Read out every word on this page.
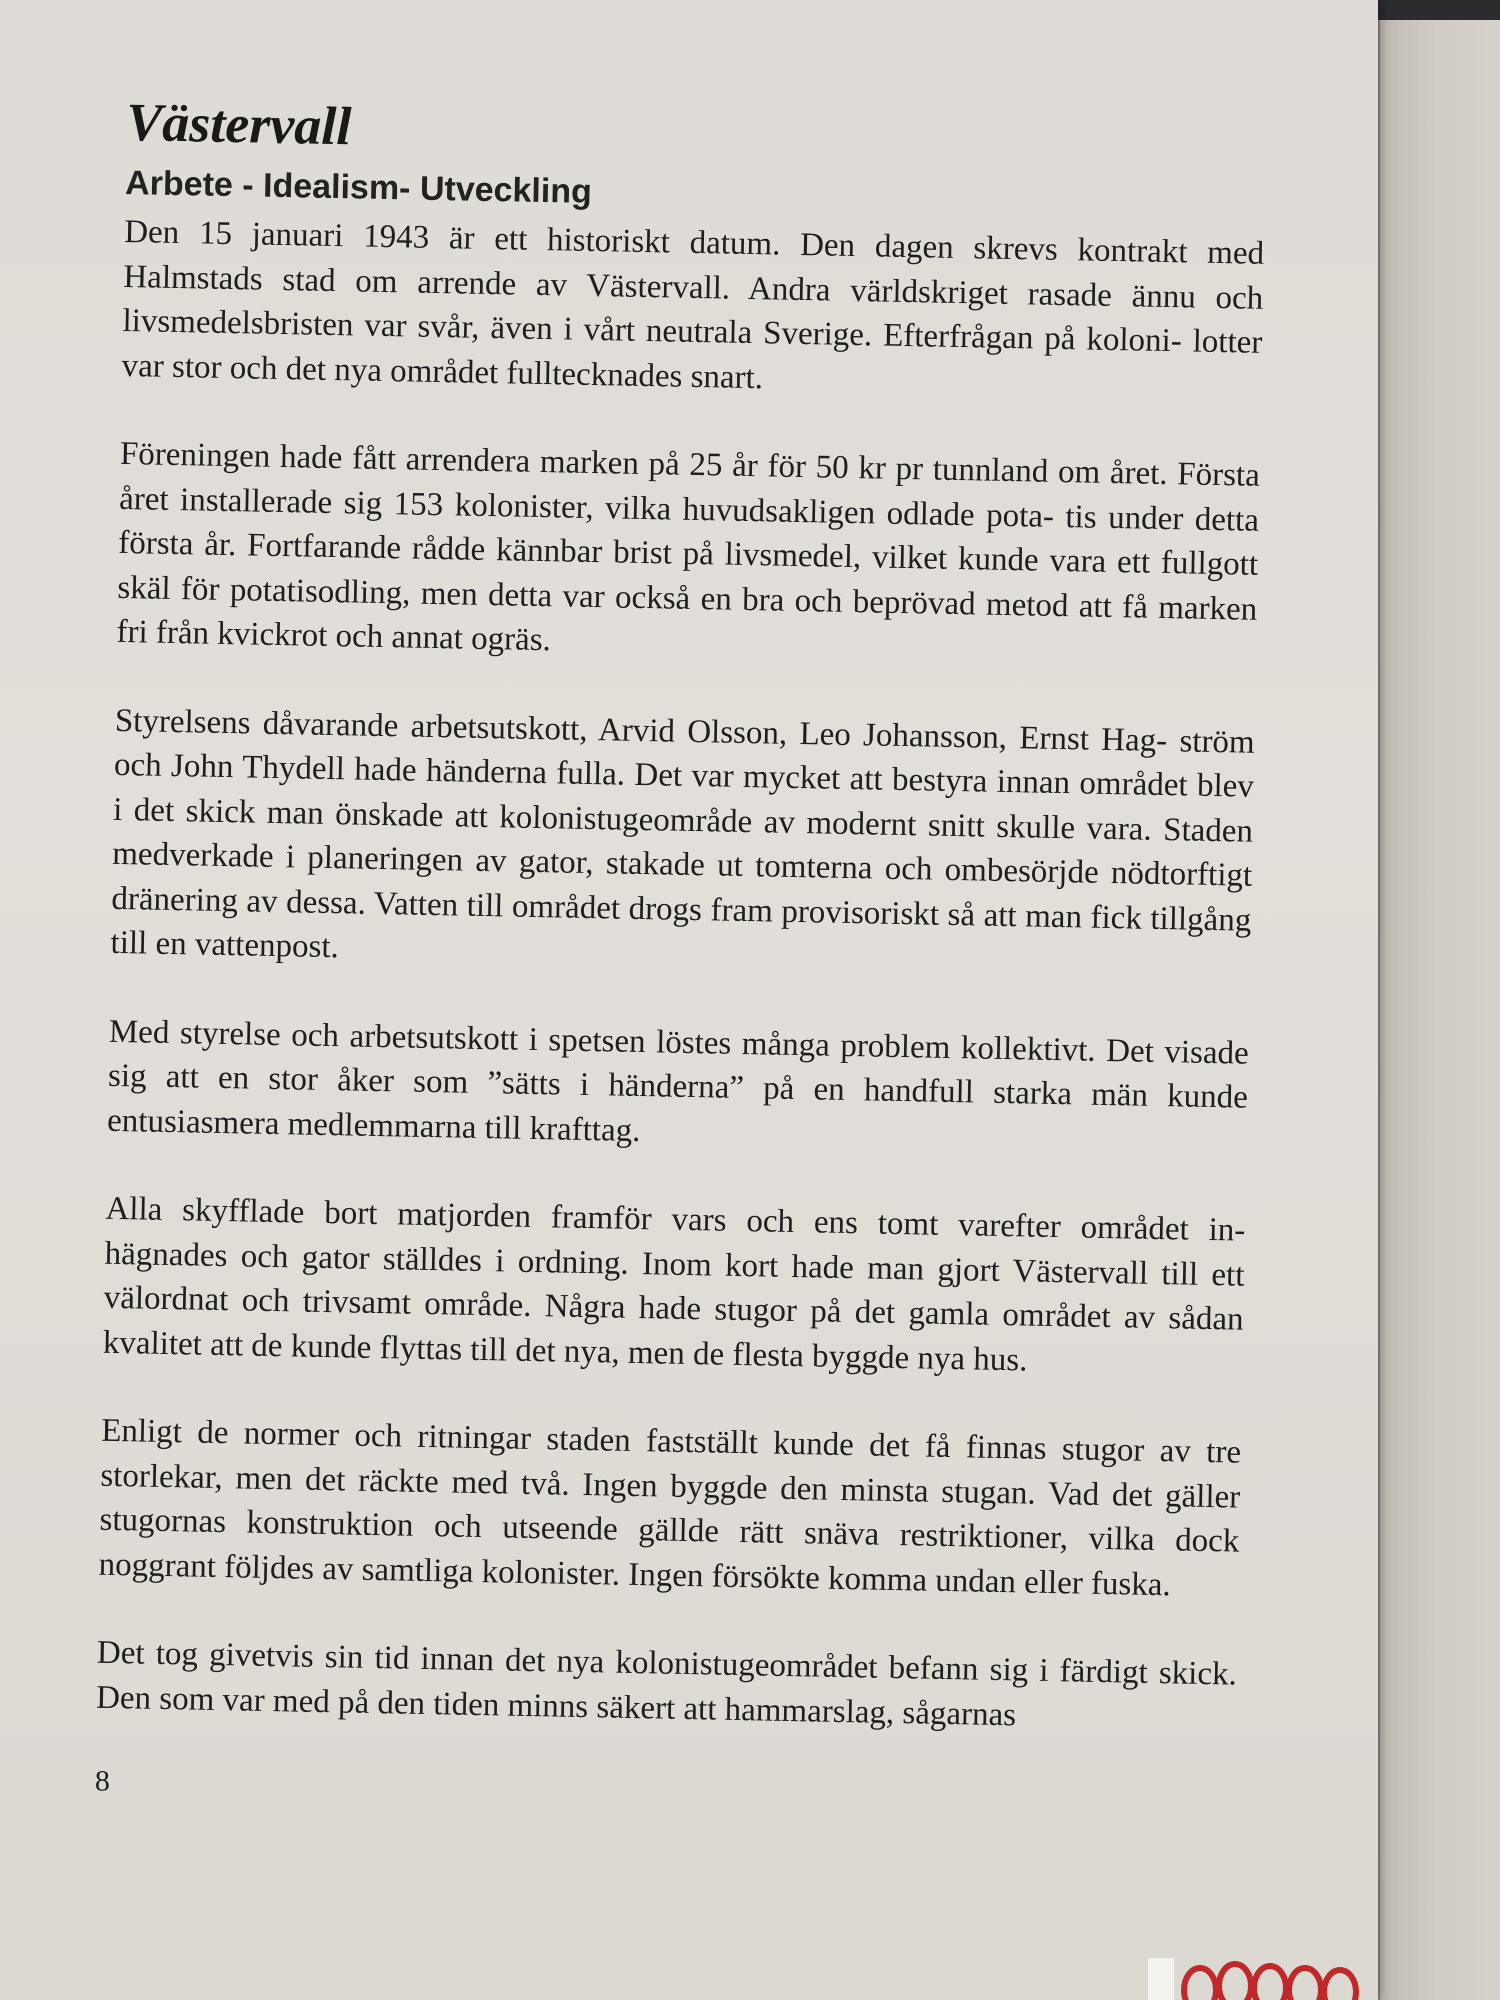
Västervall
Arbete - Idealism- Utveckling

Den 15 januari 1943 är ett historiskt datum. Den dagen skrevs kontrakt med Halmstads stad om arrende av Västervall. Andra världskriget rasade ännu och livsmedelsbristen var svår, även i vårt neutrala Sverige. Efterfrågan på koloni- lotter var stor och det nya området fulltecknades snart.

Föreningen hade fått arrendera marken på 25 år för 50 kr pr tunnland om året. Första året installerade sig 153 kolonister, vilka huvudsakligen odlade pota- tis under detta första år. Fortfarande rådde kännbar brist på livsmedel, vilket kunde vara ett fullgott skäl för potatisodling, men detta var också en bra och beprövad metod att få marken fri från kvickrot och annat ogräs.

Styrelsens dåvarande arbetsutskott, Arvid Olsson, Leo Johansson, Ernst Hag- ström och John Thydell hade händerna fulla. Det var mycket att bestyra innan området blev i det skick man önskade att kolonistugeområde av modernt snitt skulle vara. Staden medverkade i planeringen av gator, stakade ut tomterna och ombesörjde nödtorftigt dränering av dessa. Vatten till området drogs fram provisoriskt så att man fick tillgång till en vattenpost.

Med styrelse och arbetsutskott i spetsen löstes många problem kollektivt. Det visade sig att en stor åker som ”sätts i händerna” på en handfull starka män kunde entusiasmera medlemmarna till krafttag.

Alla skyfflade bort matjorden framför vars och ens tomt varefter området in- hägnades och gator ställdes i ordning. Inom kort hade man gjort Västervall till ett välordnat och trivsamt område. Några hade stugor på det gamla området av sådan kvalitet att de kunde flyttas till det nya, men de flesta byggde nya hus.

Enligt de normer och ritningar staden fastställt kunde det få finnas stugor av tre storlekar, men det räckte med två. Ingen byggde den minsta stugan. Vad det gäller stugornas konstruktion och utseende gällde rätt snäva restriktioner, vilka dock noggrant följdes av samtliga kolonister. Ingen försökte komma undan eller fuska.

Det tog givetvis sin tid innan det nya kolonistugeområdet befann sig i färdigt skick. Den som var med på den tiden minns säkert att hammarslag, sågarnas

8
